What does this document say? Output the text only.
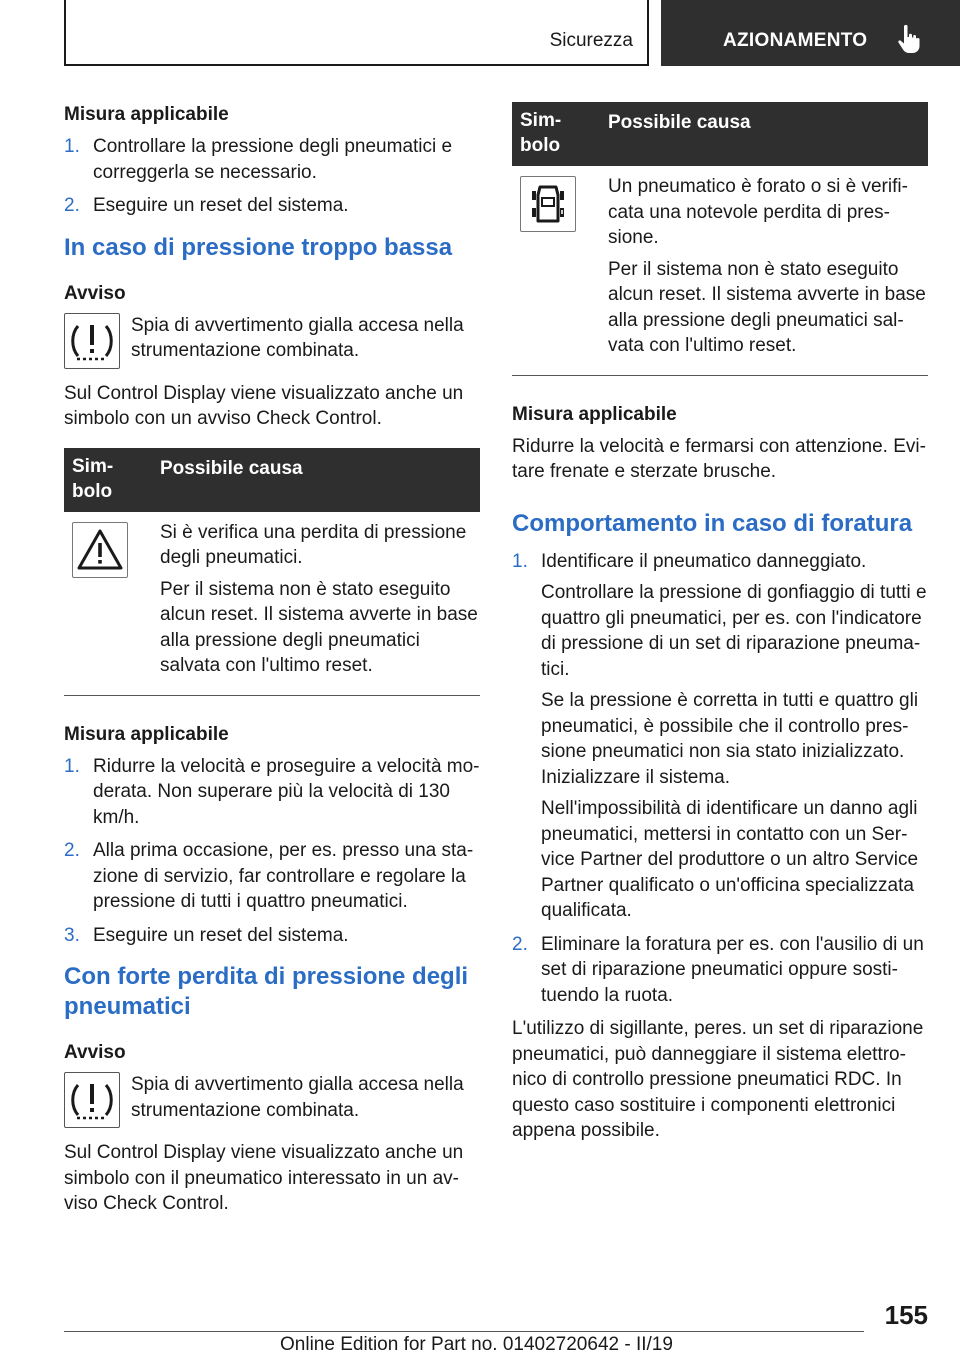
Sicurezza	AZIONAMENTO
Misura applicabile
1. Controllare la pressione degli pneumatici e correggerla se necessario.
2. Eseguire un reset del sistema.
In caso di pressione troppo bassa
Avviso
Spia di avvertimento gialla accesa nella strumentazione combinata.
Sul Control Display viene visualizzato anche un simbolo con un avviso Check Control.
Sim-
bolo
Possibile causa
Si è verifica una perdita di pressione degli pneumatici.
Per il sistema non è stato eseguito alcun reset. Il sistema avverte in base alla pressione degli pneumatici salvata con l'ultimo reset.
Misura applicabile
1. Ridurre la velocità e proseguire a velocità mo-derata. Non superare più la velocità di 130 km/h.
2. Alla prima occasione, per es. presso una sta-zione di servizio, far controllare e regolare la pressione di tutti i quattro pneumatici.
3. Eseguire un reset del sistema.
Con forte perdita di pressione degli pneumatici
Avviso
Spia di avvertimento gialla accesa nella strumentazione combinata.
Sul Control Display viene visualizzato anche un simbolo con il pneumatico interessato in un av-viso Check Control.
Sim-
bolo
Possibile causa
Un pneumatico è forato o si è verifi-cata una notevole perdita di pres-sione.
Per il sistema non è stato eseguito alcun reset. Il sistema avverte in base alla pressione degli pneumatici sal-vata con l'ultimo reset.
Misura applicabile
Ridurre la velocità e fermarsi con attenzione. Evi-tare frenate e sterzate brusche.
Comportamento in caso di foratura
1. Identificare il pneumatico danneggiato.
Controllare la pressione di gonfiaggio di tutti e quattro gli pneumatici, per es. con l'indicatore di pressione di un set di riparazione pneuma-tici.
Se la pressione è corretta in tutti e quattro gli pneumatici, è possibile che il controllo pres-sione pneumatici non sia stato inizializzato. Inizializzare il sistema.
Nell'impossibilità di identificare un danno agli pneumatici, mettersi in contatto con un Ser-vice Partner del produttore o un altro Service Partner qualificato o un'officina specializzata qualificata.
2. Eliminare la foratura per es. con l'ausilio di un set di riparazione pneumatici oppure sosti-tuendo la ruota.
L'utilizzo di sigillante, peres. un set di riparazione pneumatici, può danneggiare il sistema elettro-nico di controllo pressione pneumatici RDC. In questo caso sostituire i componenti elettronici appena possibile.
155
Online Edition for Part no. 01402720642 - II/19
